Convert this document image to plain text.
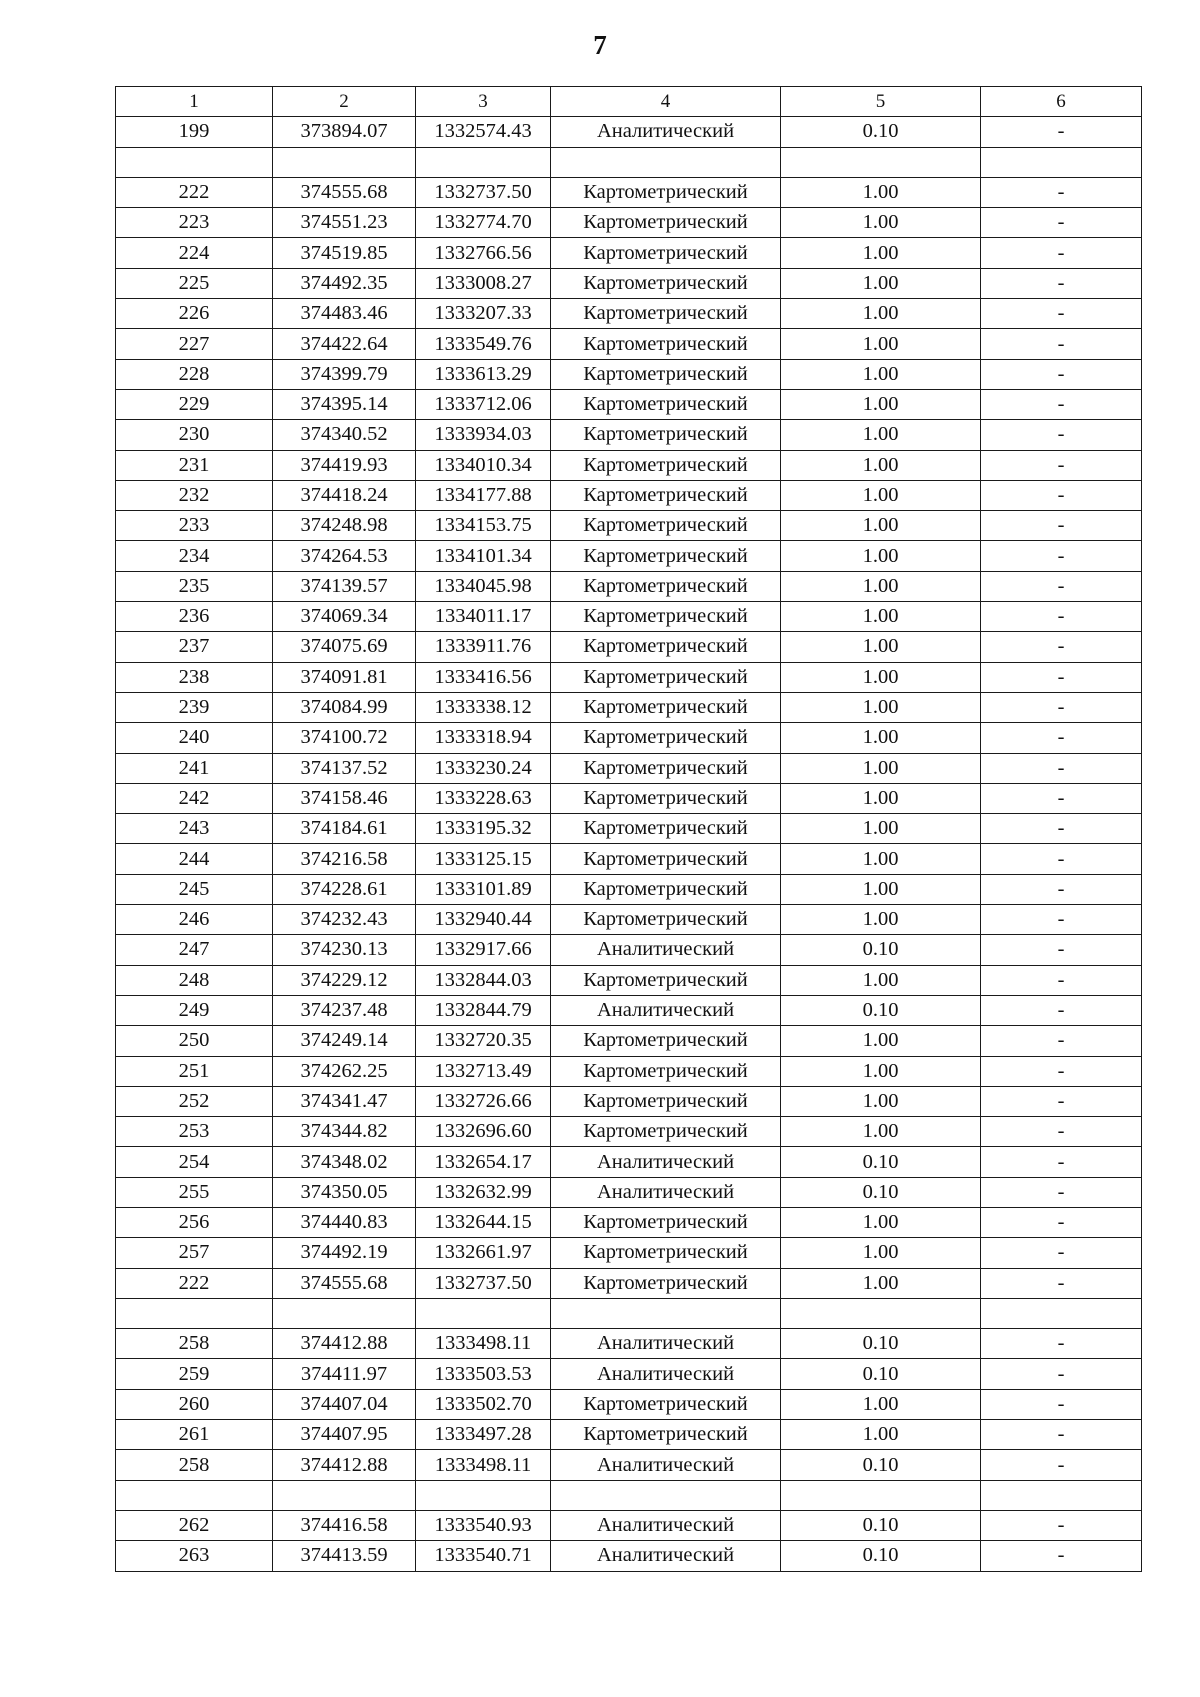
7
1	2	3	4	5	6
199	373894.07	1332574.43	Аналитический	0.10	-

222	374555.68	1332737.50	Картометрический	1.00	-
223	374551.23	1332774.70	Картометрический	1.00	-
224	374519.85	1332766.56	Картометрический	1.00	-
225	374492.35	1333008.27	Картометрический	1.00	-
226	374483.46	1333207.33	Картометрический	1.00	-
227	374422.64	1333549.76	Картометрический	1.00	-
228	374399.79	1333613.29	Картометрический	1.00	-
229	374395.14	1333712.06	Картометрический	1.00	-
230	374340.52	1333934.03	Картометрический	1.00	-
231	374419.93	1334010.34	Картометрический	1.00	-
232	374418.24	1334177.88	Картометрический	1.00	-
233	374248.98	1334153.75	Картометрический	1.00	-
234	374264.53	1334101.34	Картометрический	1.00	-
235	374139.57	1334045.98	Картометрический	1.00	-
236	374069.34	1334011.17	Картометрический	1.00	-
237	374075.69	1333911.76	Картометрический	1.00	-
238	374091.81	1333416.56	Картометрический	1.00	-
239	374084.99	1333338.12	Картометрический	1.00	-
240	374100.72	1333318.94	Картометрический	1.00	-
241	374137.52	1333230.24	Картометрический	1.00	-
242	374158.46	1333228.63	Картометрический	1.00	-
243	374184.61	1333195.32	Картометрический	1.00	-
244	374216.58	1333125.15	Картометрический	1.00	-
245	374228.61	1333101.89	Картометрический	1.00	-
246	374232.43	1332940.44	Картометрический	1.00	-
247	374230.13	1332917.66	Аналитический	0.10	-
248	374229.12	1332844.03	Картометрический	1.00	-
249	374237.48	1332844.79	Аналитический	0.10	-
250	374249.14	1332720.35	Картометрический	1.00	-
251	374262.25	1332713.49	Картометрический	1.00	-
252	374341.47	1332726.66	Картометрический	1.00	-
253	374344.82	1332696.60	Картометрический	1.00	-
254	374348.02	1332654.17	Аналитический	0.10	-
255	374350.05	1332632.99	Аналитический	0.10	-
256	374440.83	1332644.15	Картометрический	1.00	-
257	374492.19	1332661.97	Картометрический	1.00	-
222	374555.68	1332737.50	Картометрический	1.00	-

258	374412.88	1333498.11	Аналитический	0.10	-
259	374411.97	1333503.53	Аналитический	0.10	-
260	374407.04	1333502.70	Картометрический	1.00	-
261	374407.95	1333497.28	Картометрический	1.00	-
258	374412.88	1333498.11	Аналитический	0.10	-

262	374416.58	1333540.93	Аналитический	0.10	-
263	374413.59	1333540.71	Аналитический	0.10	-
